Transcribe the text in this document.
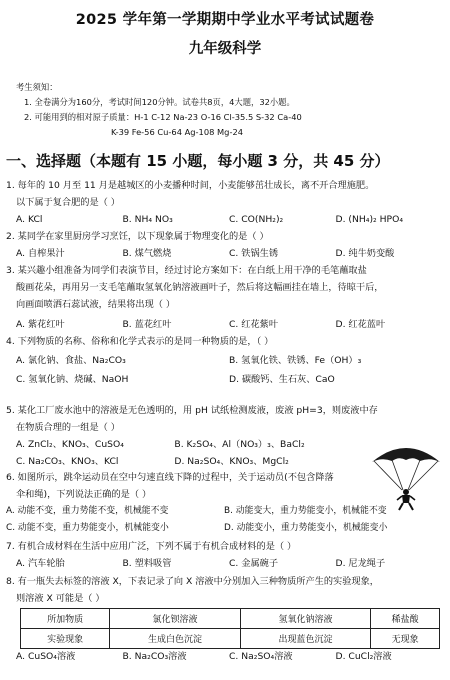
2025 学年第一学期期中学业水平考试试题卷
九年级科学
考生须知：
1. 全卷满分为160分，考试时间120分钟。试卷共8页，4大题，32小题。
2. 可能用到的相对原子质量：H-1 C-12 Na-23 O-16 Cl-35.5 S-32 Ca-40
K-39 Fe-56 Cu-64 Ag-108 Mg-24
一、选择题（本题有 15 小题，每小题 3 分，共 45 分）
1. 每年的 10 月至 11 月是越城区的小麦播种时间，小麦能够茁壮成长，离不开合理施肥。
以下属于复合肥的是（ ）
A. KCl	B. NH₄ NO₃	C. CO(NH₂)₂	D. (NH₄)₂ HPO₄
2. 某同学在家里厨房学习烹饪，以下现象属于物理变化的是（ ）
A. 自榨果汁	B. 煤气燃烧	C. 铁锅生锈	D. 纯牛奶变酸
3. 某兴趣小组准备为同学们表演节目，经过讨论方案如下：在白纸上用干净的毛笔蘸取盐
酸画花朵，再用另一支毛笔蘸取氢氧化钠溶液画叶子，然后将这幅画挂在墙上，待晾干后，
向画面喷洒石蕊试液，结果将出现（ ）
A. 紫花红叶	B. 蓝花红叶	C. 红花紫叶	D. 红花蓝叶
4. 下列物质的名称、俗称和化学式表示的是同一种物质的是，（ ）
A. 氯化钠、食盐、Na₂CO₃	B. 氢氧化铁、铁锈、Fe（OH）₃
C. 氢氧化钠、烧碱、NaOH	D. 碳酸钙、生石灰、CaO
5. 某化工厂废水池中的溶液是无色透明的，用 pH 试纸检测废液，废液 pH=3，则废液中存
在物质合理的一组是（ ）
A. ZnCl₂、KNO₃、CuSO₄	B. K₂SO₄、Al（NO₃）₃、BaCl₂
C. Na₂CO₃、KNO₃、KCl	D. Na₂SO₄、KNO₃、MgCl₂
6. 如图所示，跳伞运动员在空中匀速直线下降的过程中，关于运动员(不包含降落
伞和绳)，下列说法正确的是（ ）
A. 动能不变，重力势能不变，机械能不变	B. 动能变大，重力势能变小，机械能不变
C. 动能不变，重力势能变小，机械能变小	D. 动能变小，重力势能变小，机械能变小
7. 有机合成材料在生活中应用广泛，下列不属于有机合成材料的是（ ）
A. 汽车轮胎	B. 塑料吸管	C. 金属碗子	D. 尼龙绳子
8. 有一瓶失去标签的溶液 X，下表记录了向 X 溶液中分别加入三种物质所产生的实验现象，
则溶液 X 可能是（ ）
所加物质	氯化钡溶液	氢氧化钠溶液	稀盐酸
实验现象	生成白色沉淀	出现蓝色沉淀	无现象
A. CuSO₄溶液	B. Na₂CO₃溶液	C. Na₂SO₄溶液	D. CuCl₂溶液
